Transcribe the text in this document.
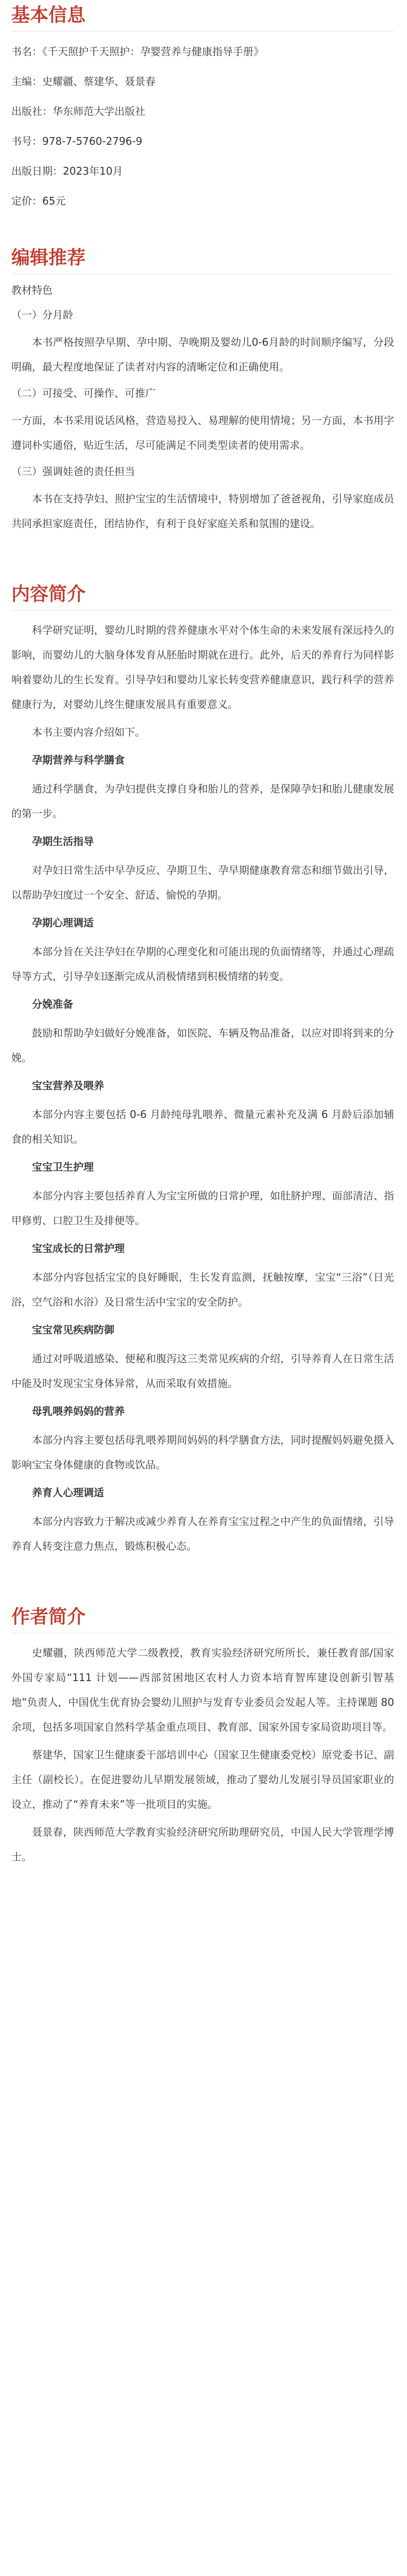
基本信息

书名：《千天照护千天照护：孕婴营养与健康指导手册》

主编：史耀疆、蔡建华、聂景春

出版社：华东师范大学出版社

书号：978-7-5760-2796-9

出版日期：2023年10月

定价：65元

编辑推荐

教材特色

（一）分月龄

本书严格按照孕早期、孕中期、孕晚期及婴幼儿0-6月龄的时间顺序编写，分段明确，最大程度地保证了读者对内容的清晰定位和正确使用。

（二）可接受、可操作、可推广

一方面，本书采用说话风格，营造易投入、易理解的使用情境；另一方面，本书用字遵词朴实通俗，贴近生活，尽可能满足不同类型读者的使用需求。

（三）强调娃爸的责任担当

本书在支持孕妇、照护宝宝的生活情境中，特别增加了爸爸视角，引导家庭成员共同承担家庭责任，团结协作，有利于良好家庭关系和氛围的建设。

内容简介

科学研究证明，婴幼儿时期的营养健康水平对个体生命的未来发展有深远持久的影响，而婴幼儿的大脑身体发育从胚胎时期就在进行。此外，后天的养育行为同样影响着婴幼儿的生长发育。引导孕妇和婴幼儿家长转变营养健康意识，践行科学的营养健康行为，对婴幼儿终生健康发展具有重要意义。

本书主要内容介绍如下。

孕期营养与科学膳食

通过科学膳食，为孕妇提供支撑自身和胎儿的营养，是保障孕妇和胎儿健康发展的第一步。

孕期生活指导

对孕妇日常生活中早孕反应、孕期卫生、孕早期健康教育常态和细节做出引导，以帮助孕妇度过一个安全、舒适、愉悦的孕期。

孕期心理调适

本部分旨在关注孕妇在孕期的心理变化和可能出现的负面情绪等，并通过心理疏导等方式，引导孕妇逐渐完成从消极情绪到积极情绪的转变。

分娩准备

鼓励和帮助孕妇做好分娩准备，如医院、车辆及物品准备，以应对即将到来的分娩。

宝宝营养及喂养

本部分内容主要包括 0-6 月龄纯母乳喂养、微量元素补充及满 6 月龄后添加辅食的相关知识。

宝宝卫生护理

本部分内容主要包括养育人为宝宝所做的日常护理，如肚脐护理、面部清洁、指甲修剪、口腔卫生及排便等。

宝宝成长的日常护理

本部分内容包括宝宝的良好睡眠，生长发育监测，抚触按摩，宝宝“三浴”（日光浴，空气浴和水浴）及日常生活中宝宝的安全防护。

宝宝常见疾病防御

通过对呼吸道感染、便秘和腹泻这三类常见疾病的介绍，引导养育人在日常生活中能及时发现宝宝身体异常，从而采取有效措施。

母乳喂养妈妈的营养

本部分内容主要包括母乳喂养期间妈妈的科学膳食方法，同时提醒妈妈避免摄入影响宝宝身体健康的食物或饮品。

养育人心理调适

本部分内容致力于解决或减少养育人在养育宝宝过程之中产生的负面情绪，引导养育人转变注意力焦点，锻炼积极心态。

作者简介

史耀疆，陕西师范大学二级教授，教育实验经济研究所所长，兼任教育部/国家外国专家局“111 计划——西部贫困地区农村人力资本培育智库建设创新引智基地”负责人，中国优生优育协会婴幼儿照护与发育专业委员会发起人等。主持课题 80 余项，包括多项国家自然科学基金重点项目、教育部、国家外国专家局资助项目等。

蔡建华，国家卫生健康委干部培训中心（国家卫生健康委党校）原党委书记、副主任（副校长）。在促进婴幼儿早期发展领域，推动了婴幼儿发展引导员国家职业的设立，推动了“养育未来”等一批项目的实施。

聂景春，陕西师范大学教育实验经济研究所助理研究员，中国人民大学管理学博士。
